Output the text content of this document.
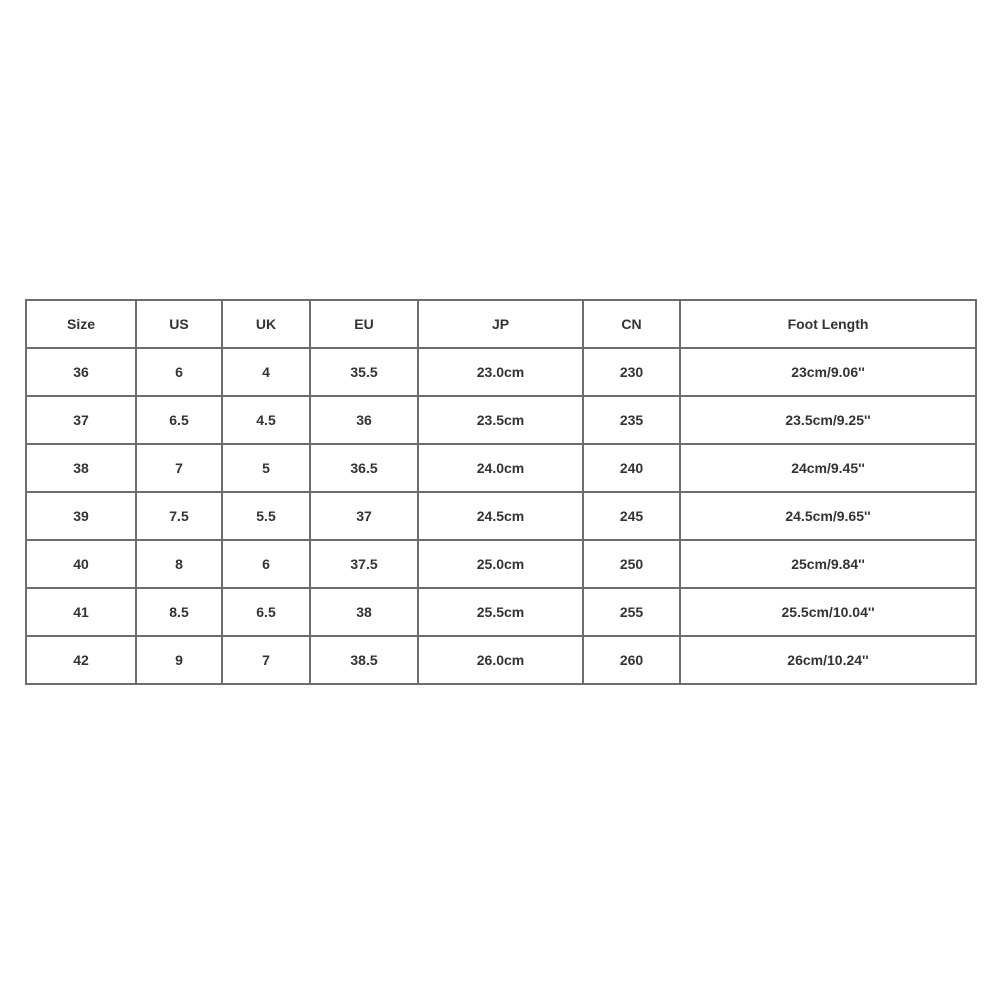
Size	US	UK	EU	JP	CN	Foot Length
36	6	4	35.5	23.0cm	230	23cm/9.06''
37	6.5	4.5	36	23.5cm	235	23.5cm/9.25''
38	7	5	36.5	24.0cm	240	24cm/9.45''
39	7.5	5.5	37	24.5cm	245	24.5cm/9.65''
40	8	6	37.5	25.0cm	250	25cm/9.84''
41	8.5	6.5	38	25.5cm	255	25.5cm/10.04''
42	9	7	38.5	26.0cm	260	26cm/10.24''
